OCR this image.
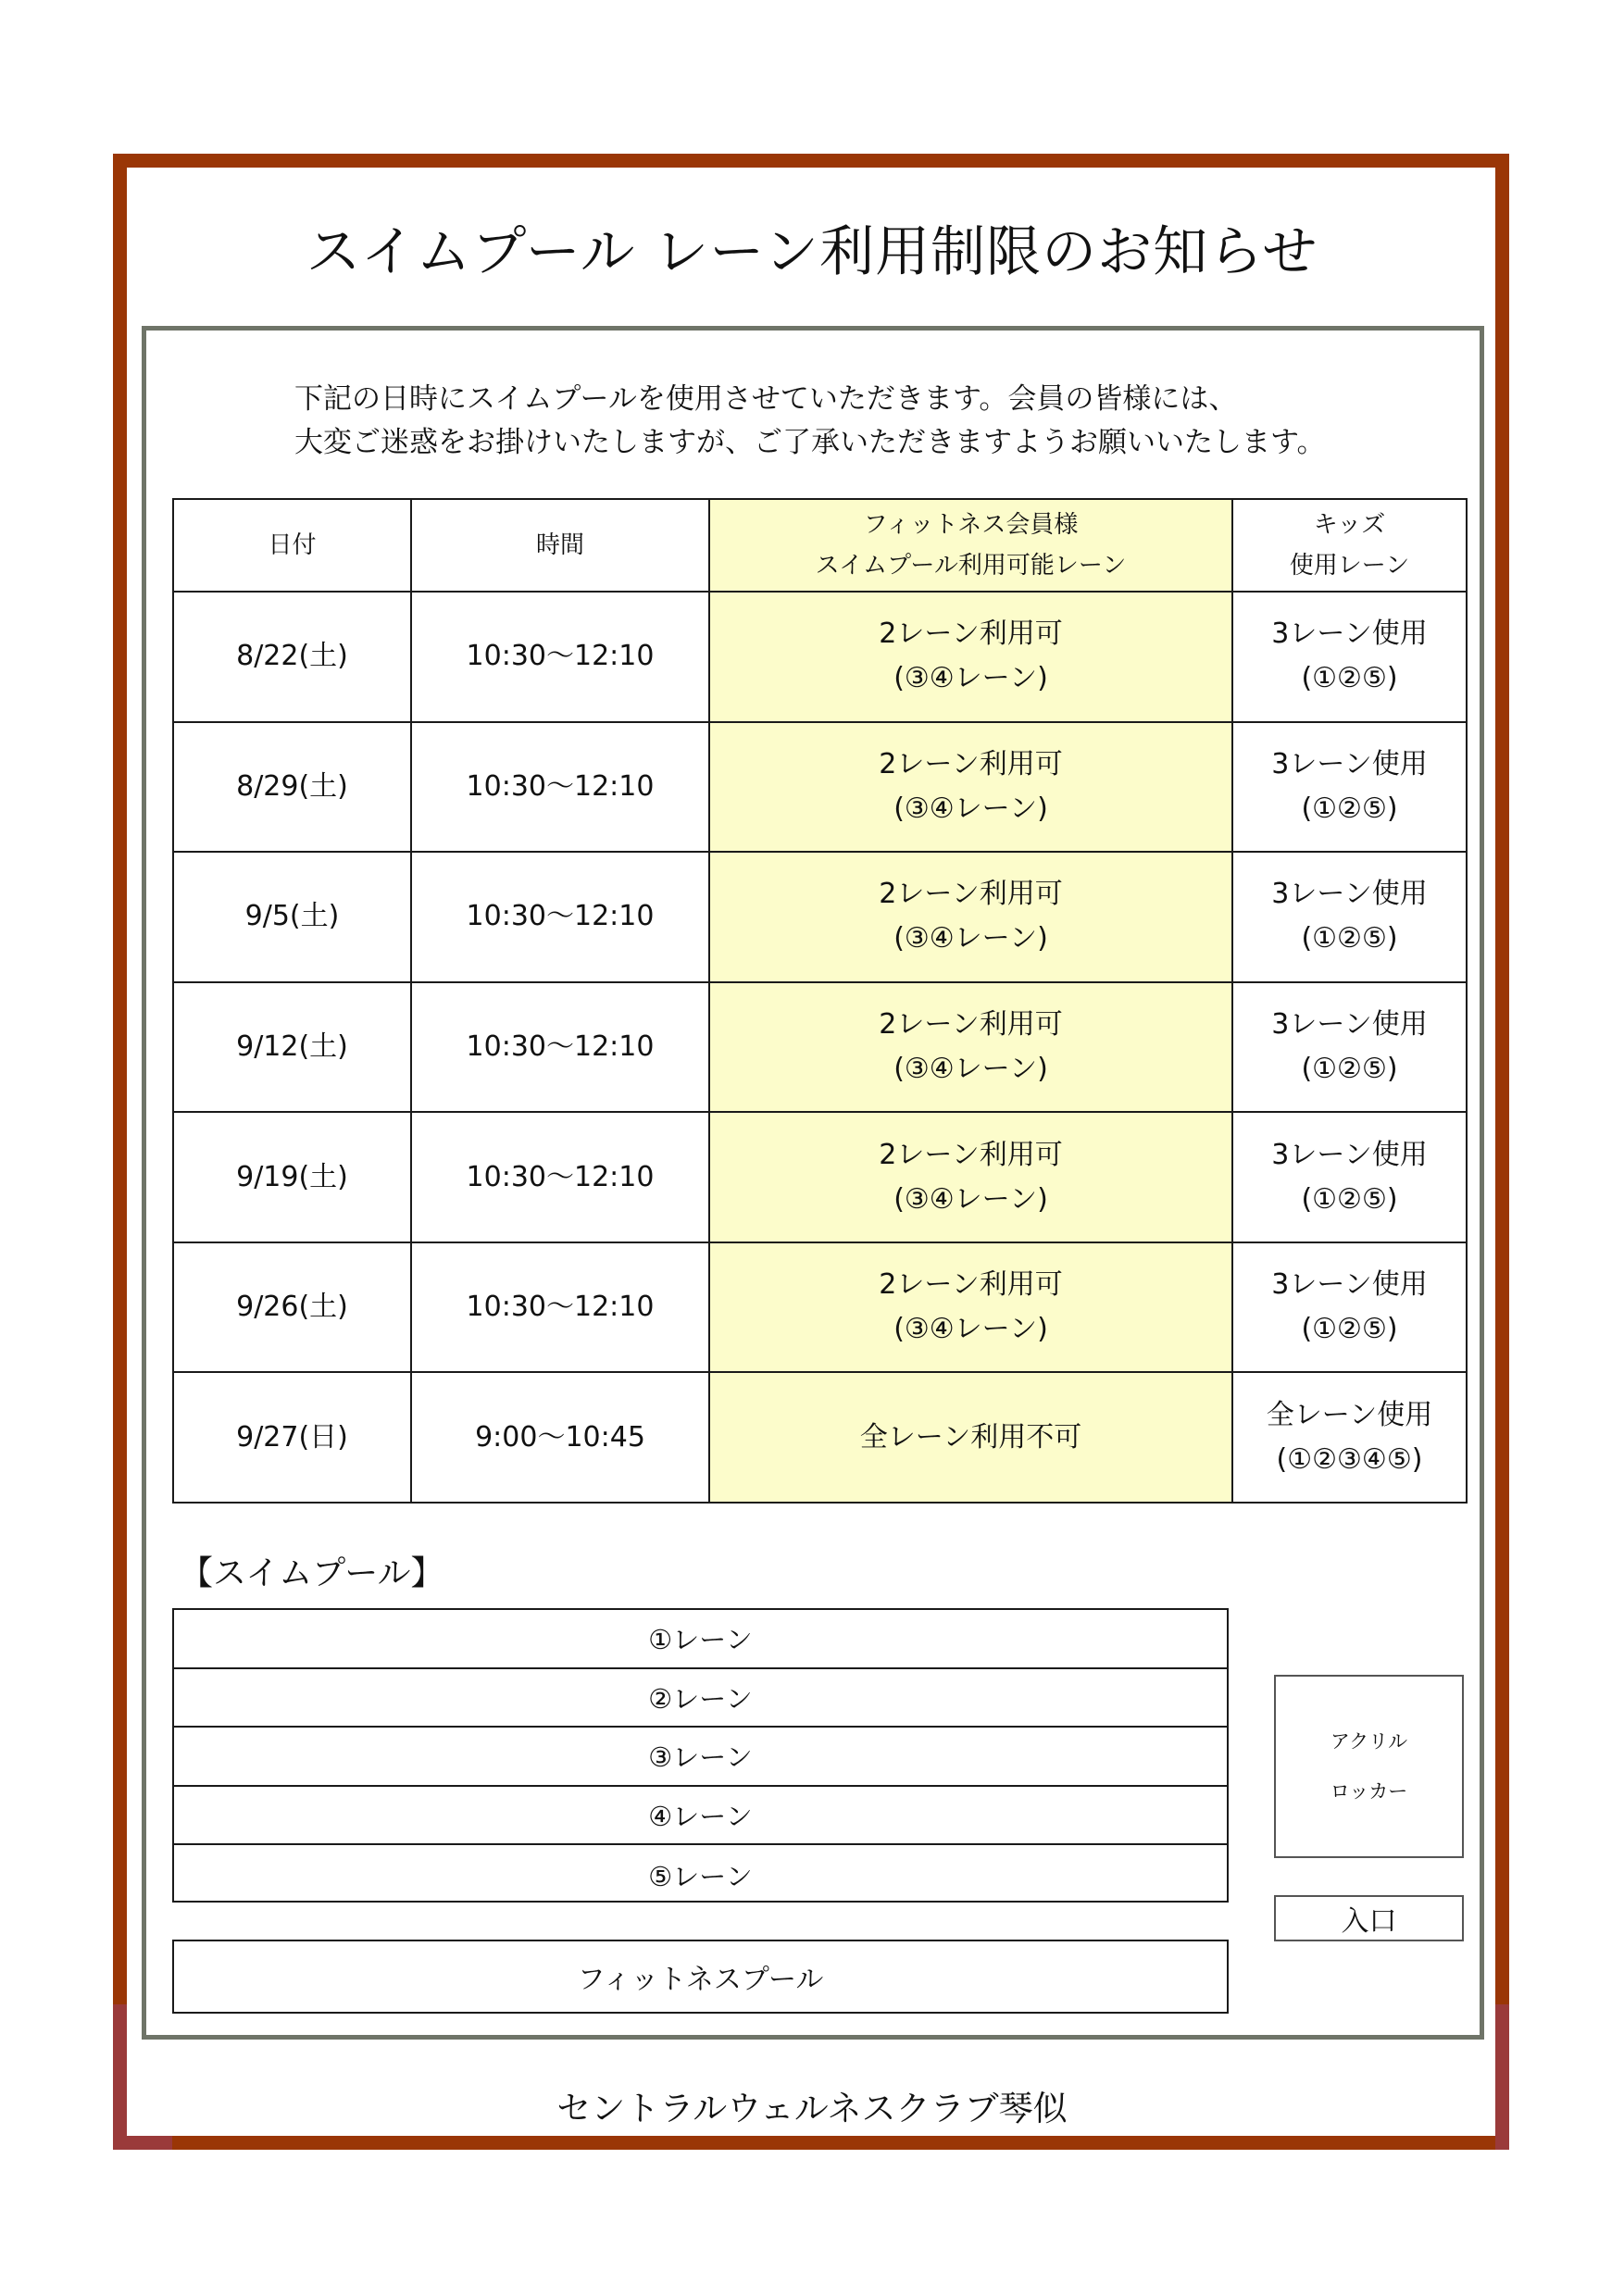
スイムプール レーン利用制限のお知らせ
下記の日時にスイムプールを使用させていただきます。会員の皆様には、
大変ご迷惑をお掛けいたしますが、ご了承いただきますようお願いいたします。
日付	時間	フィットネス会員様
スイムプール利用可能レーン	キッズ
使用レーン

8/22(土)	10:30～12:10	2レーン利用可
(③④レーン)	3レーン使用
(①②⑤)

8/29(土)	10:30～12:10	2レーン利用可
(③④レーン)	3レーン使用
(①②⑤)

9/5(土)	10:30～12:10	2レーン利用可
(③④レーン)	3レーン使用
(①②⑤)

9/12(土)	10:30～12:10	2レーン利用可
(③④レーン)	3レーン使用
(①②⑤)

9/19(土)	10:30～12:10	2レーン利用可
(③④レーン)	3レーン使用
(①②⑤)

9/26(土)	10:30～12:10	2レーン利用可
(③④レーン)	3レーン使用
(①②⑤)

9/27(日)	9:00～10:45	全レーン利用不可	全レーン使用
(①②③④⑤)
【スイムプール】
①レーン
②レーン
③レーン
④レーン
⑤レーン
フィットネスプール
アクリル
ロッカー
入口
セントラルウェルネスクラブ琴似
